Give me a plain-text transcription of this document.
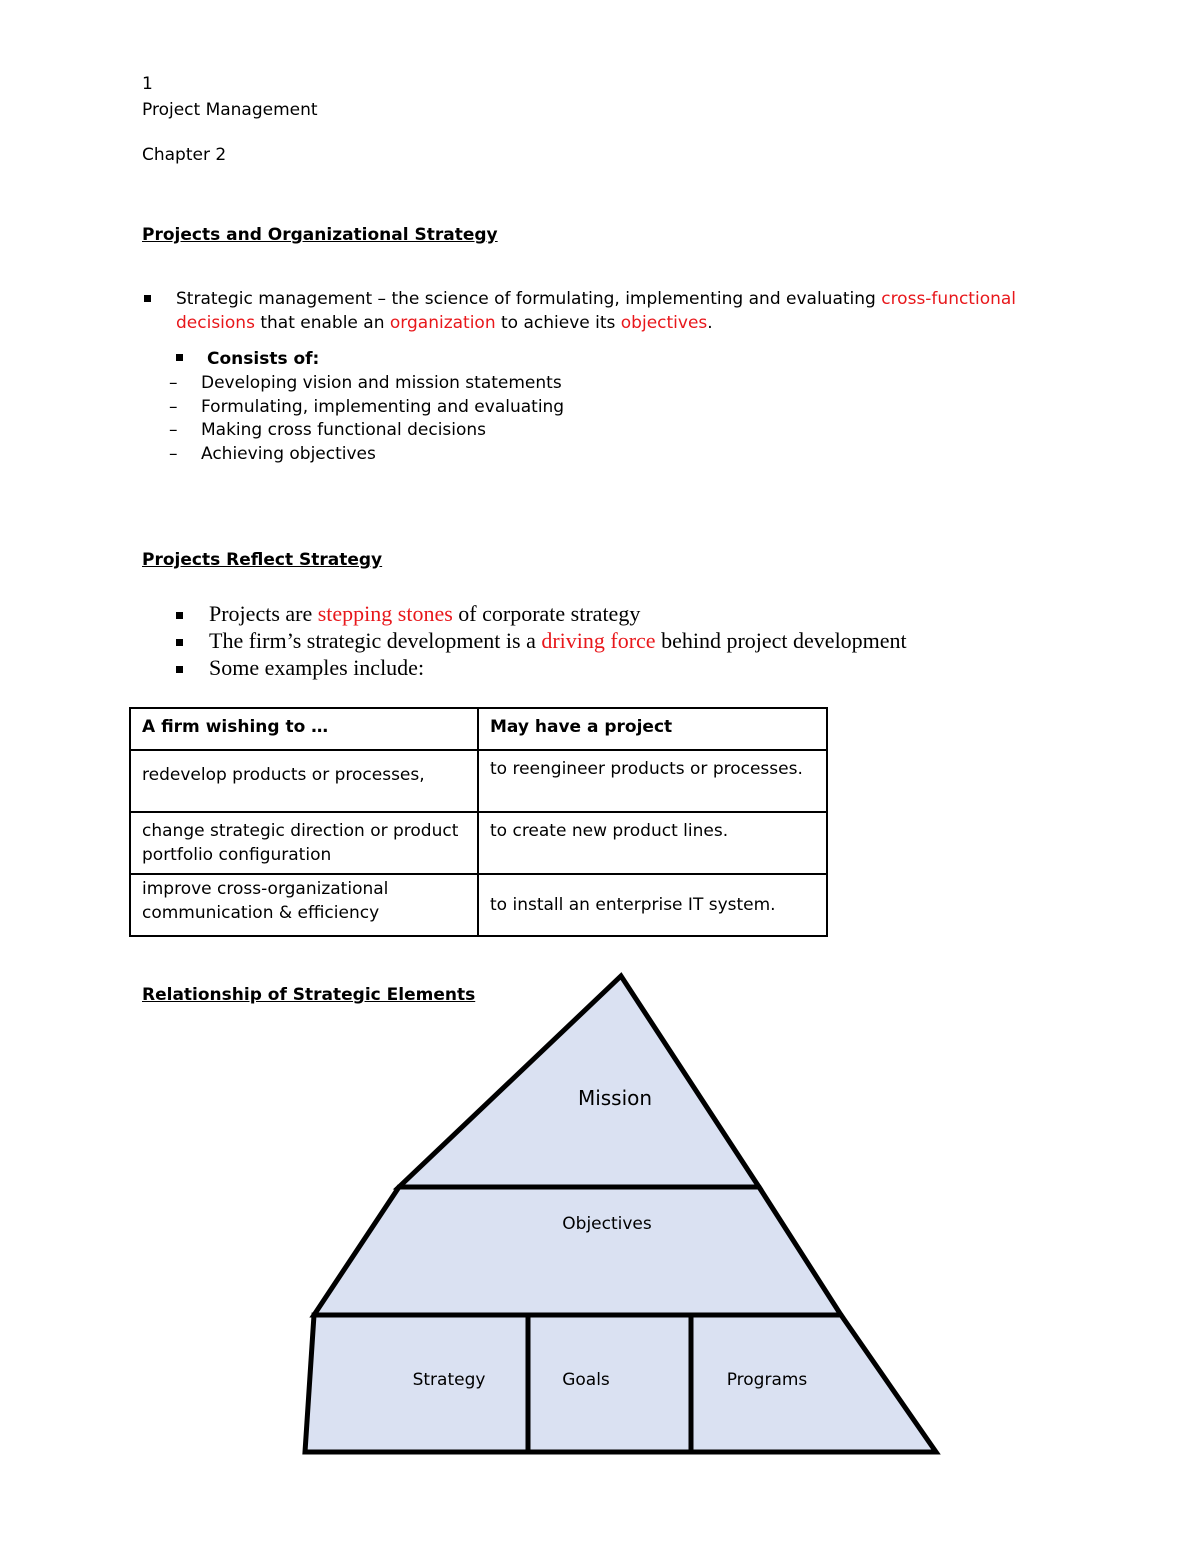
1
Project Management
Chapter 2
Projects and Organizational Strategy
Strategic management – the science of formulating, implementing and evaluating cross-functional
decisions that enable an organization to achieve its objectives.
Consists of:
– Developing vision and mission statements
– Formulating, implementing and evaluating
– Making cross functional decisions
– Achieving objectives
Projects Reflect Strategy
Projects are stepping stones of corporate strategy
The firm’s strategic development is a driving force behind project development
Some examples include:
A firm wishing to …	May have a project
redevelop products or processes,	to reengineer products or processes.
change strategic direction or product portfolio configuration	to create new product lines.
improve cross-organizational communication & efficiency	to install an enterprise IT system.
Relationship of Strategic Elements
Mission
Objectives
Strategy	Goals	Programs
